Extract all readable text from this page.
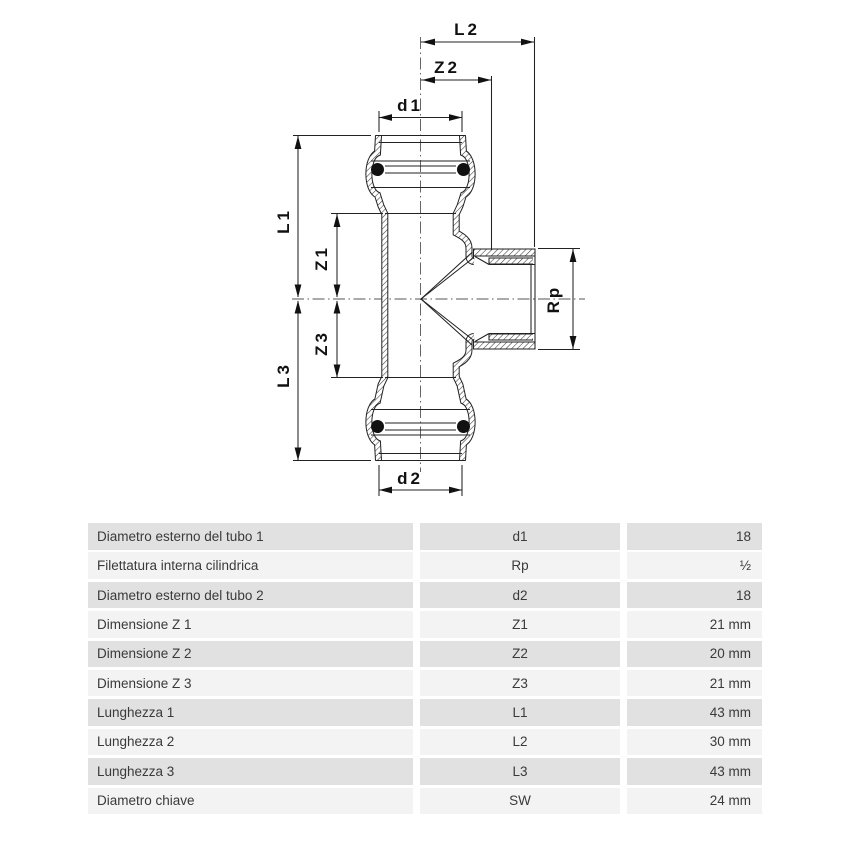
L2
Z2
d1
d2
L1
Z1
Z3
L3
Rp
Diametro esterno del tubo 1	d1	18
Filettatura interna cilindrica	Rp	½
Diametro esterno del tubo 2	d2	18
Dimensione Z 1	Z1	21 mm
Dimensione Z 2	Z2	20 mm
Dimensione Z 3	Z3	21 mm
Lunghezza 1	L1	43 mm
Lunghezza 2	L2	30 mm
Lunghezza 3	L3	43 mm
Diametro chiave	SW	24 mm
